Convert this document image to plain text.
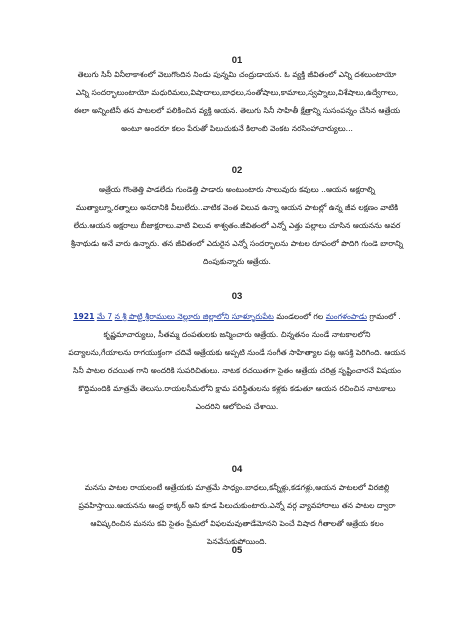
01
తెలుగు సినీ వినీలాకాశంలో వెలుగొందిన నిండు పున్నమి చంద్రుడాయన. ఓ వ్యక్తి జీవితంలో ఎన్ని దశలుంటాయో
ఎన్ని సందర్భాలుంటాయో మధురిమలు,విషాదాలు,బాధలు,సంతోషాలు,కామాలు,స్వప్నాలు,విశేషాలు,ఉద్వేగాలు,
ఈలా అన్నింటినీ తన పాటలలో పలికించిన వ్యక్తి ఆయన. తెలుగు సినీ సాహితీ క్షేత్రాన్ని సుసంపన్నం చేసిన ఆత్రేయ
అంటూ అందరూ కలం పేరుతో పిలుచుకునే కిలాంబి వెంకట నరసింహాచార్యులు...
02
ఆత్రేయ గొంతెత్తి పాడలేదు గుండెత్తి పాడారు అంటుంటారు సాలువురు కవులు ..ఆయన అక్షరాల్ని
ముత్యాల్నూ,రత్నాలు అనదానికి వీలులేదు..వాటిక వెంత విలువ ఉన్నా ఆయన పాటల్లో ఉన్న జీవ లక్షణం వాటికి
లేదు.ఆయన అక్షరాలు బీజాక్షరాలు.వాటి విలువ శాశ్వతం.జీవితంలో ఎన్నో ఎత్తు పల్లాలు చూసిన ఆయనను అవర
శ్రీనాథుడు అనే వారు ఉన్నారు. తన జీవితంలో ఎదురైన ఎన్నో సందర్భాలను పాటల రూపంలో పొదిగి గుండె బారాన్ని
దింపుకున్నారు ఆత్రేయ.
03
1921 మే 7 న శ్రీ పొట్టి శ్రీరాములు నెల్లూరు జిల్లాలోని సూళ్ళూరుపేట మండలంలో గల మంగళంపాడు గ్రామంలో .
కృష్ణమాచార్యులు, సీతమ్మ దంపతులకు జన్మించారు ఆత్రేయ. చిన్నతనం నుండే నాటకాలలోని
పద్యాలను,గేయాలను రాగయుక్తంగా చదివే ఆత్రేయకు అప్పటి నుండే సంగీత సాహిత్యాల పట్ల ఆసక్తి పెరిగింది. ఆయన
సినీ పాటల రచయిత గాని అందరికి సుపరిచితులు. నాటక రచయితగా సైతం ఆత్రేయ చరిత్ర సృష్టించారనే విషయం
కొద్దిమందికి మాత్రమే తెలుసు.రాయలసీమలోని క్షామ పరిస్థితులను కళ్లకు కడుతూ ఆయన రచించిన నాటకాలు
ఎందరిని ఆలోచింప చేశాయి.
04
మనసు పాటల రాయలంటే ఆత్రేయకు మాత్రమే సాధ్యం.బాధలు,కన్నీళ్లు,కడగళ్లు,ఆయన పాటలలో విరజిల్లి
ప్రవహిస్తాయి.ఆయనను ఆంధ్ర ఠాక్కర్ అని కూడ పిలుచుకుంటారు.ఎన్నో వర్గ వ్యావహారాలు తన పాటల ద్వారా
ఆవిష్కరించిన మనసు కవి సైతం ప్రేమలో విఫలమవుతాడేమోనని పెంచే విషాద గీతాలతో ఆత్రేయ కలం
పెనవేసుకుపోయింది.
05
